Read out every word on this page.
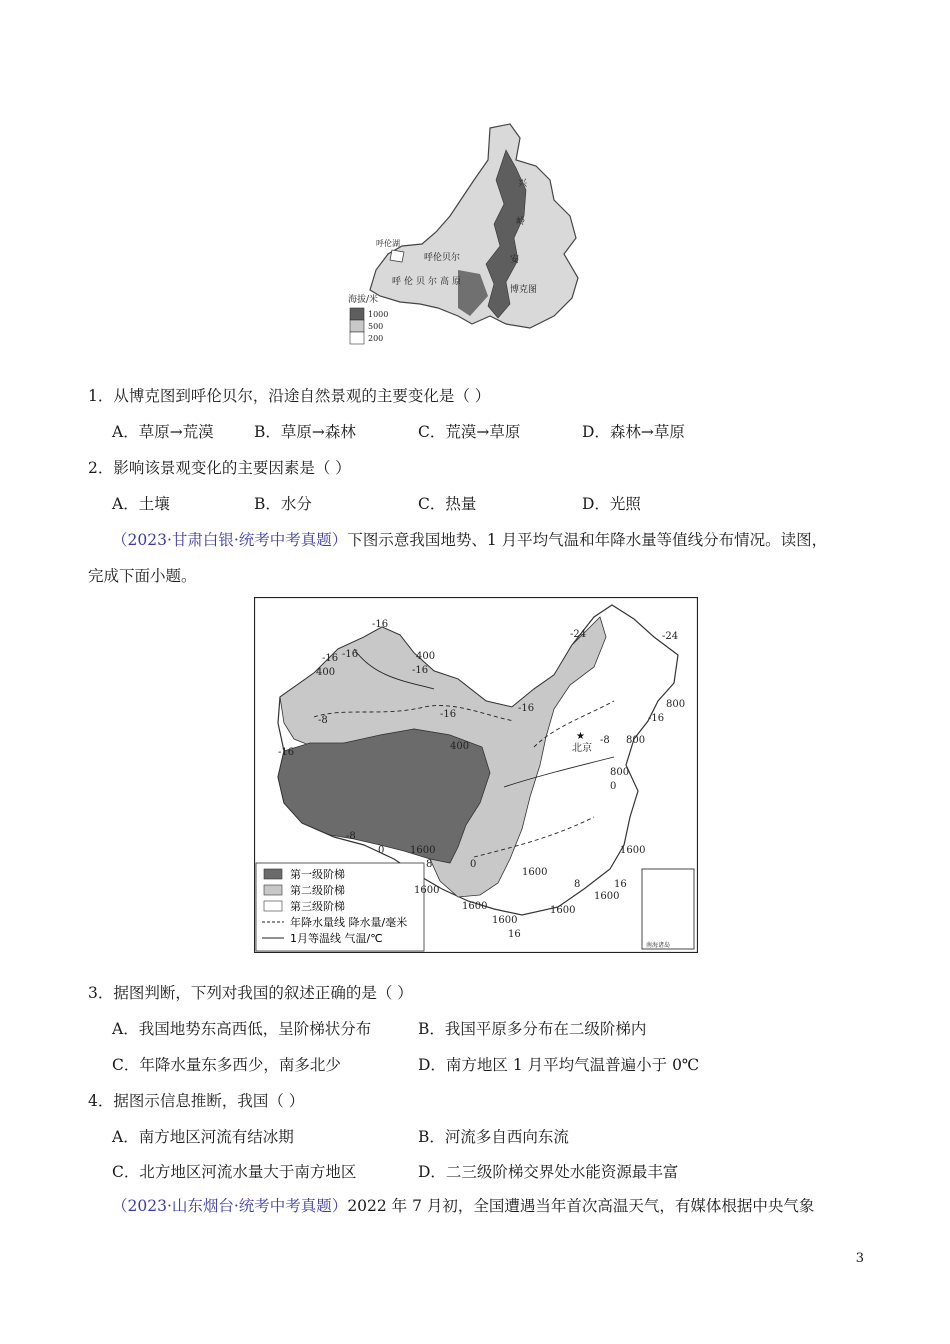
海拔/米
1000
500
200
呼伦湖
呼伦贝尔
呼伦贝尔高原
博克图
兴
安
岭
1．从博克图到呼伦贝尔，沿途自然景观的主要变化是（ ）
A．草原→荒漠	B．草原→森林	C．荒漠→草原	D．森林→草原
2．影响该景观变化的主要因素是（ ）
A．土壤	B．水分	C．热量	D．光照
（2023·甘肃白银·统考中考真题）下图示意我国地势、1 月平均气温和年降水量等值线分布情况。读图，
完成下面小题。
南海诸岛
★
北京
第一级阶梯
第二级阶梯
第三级阶梯
年降水量线 降水量/毫米
1月等温线 气温/℃
-16
-16 -16
400	-16
400
-24	-24
-16
-16
800
-8 800
800
0
-16
400
-8
-16
0
-8
1600
8	0
1600
1600
1600
8	16
1600
1600
1600
16
1600
3．据图判断，下列对我国的叙述正确的是（ ）
A．我国地势东高西低，呈阶梯状分布	B．我国平原多分布在二级阶梯内
C．年降水量东多西少，南多北少	D．南方地区 1 月平均气温普遍小于 0℃
4．据图示信息推断，我国（ ）
A．南方地区河流有结冰期	B．河流多自西向东流
C．北方地区河流水量大于南方地区	D．二三级阶梯交界处水能资源最丰富
（2023·山东烟台·统考中考真题）2022 年 7 月初，全国遭遇当年首次高温天气，有媒体根据中央气象
3
